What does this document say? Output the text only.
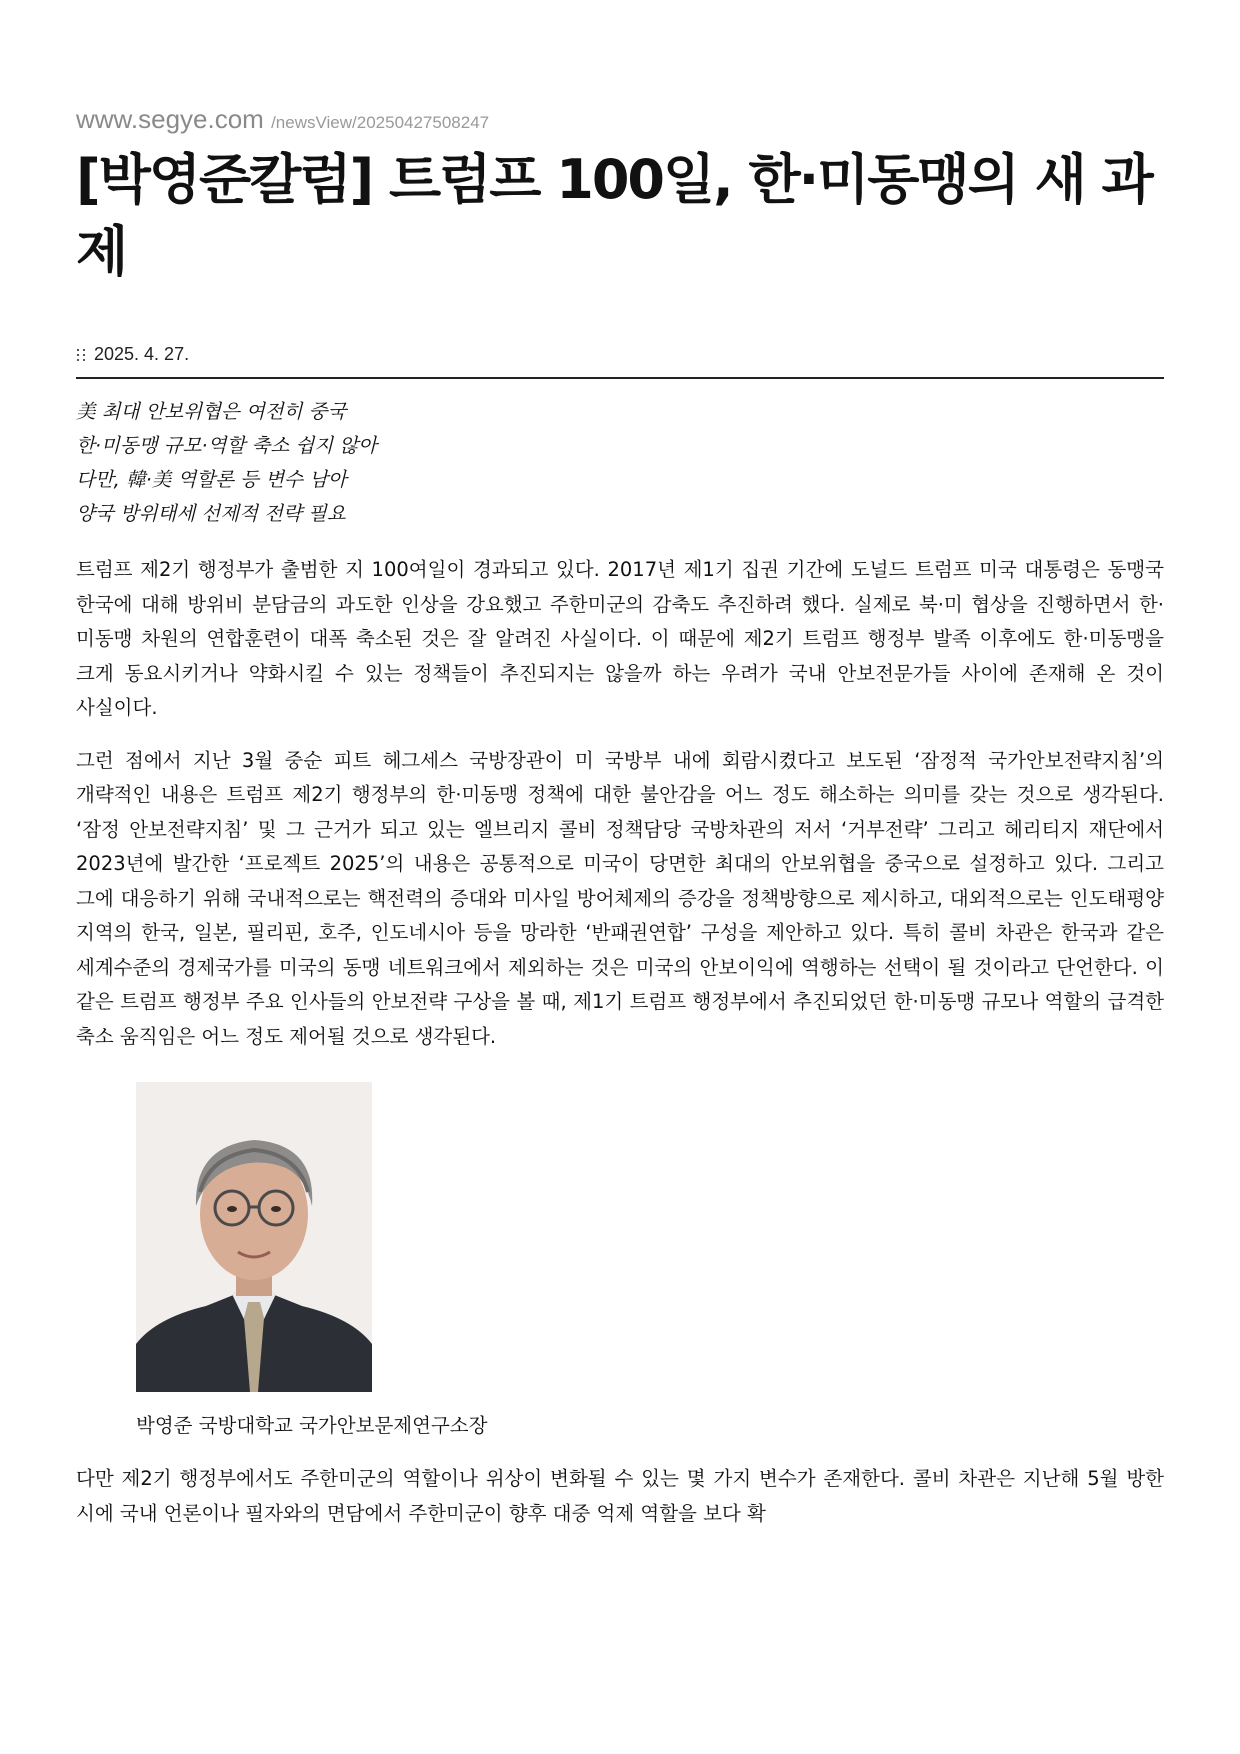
www.segye.com /newsView/20250427508247
[박영준칼럼] 트럼프 100일, 한·미동맹의 새 과제
2025. 4. 27.
美 최대 안보위협은 여전히 중국
한·미동맹 규모·역할 축소 쉽지 않아
다만, 韓·美 역할론 등 변수 남아
양국 방위태세 선제적 전략 필요

트럼프 제2기 행정부가 출범한 지 100여일이 경과되고 있다. 2017년 제1기 집권 기간에 도널드 트럼프 미국 대통령은 동맹국 한국에 대해 방위비 분담금의 과도한 인상을 강요했고 주한미군의 감축도 추진하려 했다. 실제로 북·미 협상을 진행하면서 한·미동맹 차원의 연합훈련이 대폭 축소된 것은 잘 알려진 사실이다. 이 때문에 제2기 트럼프 행정부 발족 이후에도 한·미동맹을 크게 동요시키거나 약화시킬 수 있는 정책들이 추진되지는 않을까 하는 우려가 국내 안보전문가들 사이에 존재해 온 것이 사실이다.

그런 점에서 지난 3월 중순 피트 헤그세스 국방장관이 미 국방부 내에 회람시켰다고 보도된 ‘잠정적 국가안보전략지침’의 개략적인 내용은 트럼프 제2기 행정부의 한·미동맹 정책에 대한 불안감을 어느 정도 해소하는 의미를 갖는 것으로 생각된다. ‘잠정 안보전략지침’ 및 그 근거가 되고 있는 엘브리지 콜비 정책담당 국방차관의 저서 ‘거부전략’ 그리고 헤리티지 재단에서 2023년에 발간한 ‘프로젝트 2025’의 내용은 공통적으로 미국이 당면한 최대의 안보위협을 중국으로 설정하고 있다. 그리고 그에 대응하기 위해 국내적으로는 핵전력의 증대와 미사일 방어체제의 증강을 정책방향으로 제시하고, 대외적으로는 인도태평양 지역의 한국, 일본, 필리핀, 호주, 인도네시아 등을 망라한 ‘반패권연합’ 구성을 제안하고 있다. 특히 콜비 차관은 한국과 같은 세계수준의 경제국가를 미국의 동맹 네트워크에서 제외하는 것은 미국의 안보이익에 역행하는 선택이 될 것이라고 단언한다. 이 같은 트럼프 행정부 주요 인사들의 안보전략 구상을 볼 때, 제1기 트럼프 행정부에서 추진되었던 한·미동맹 규모나 역할의 급격한 축소 움직임은 어느 정도 제어될 것으로 생각된다.

박영준 국방대학교 국가안보문제연구소장

다만 제2기 행정부에서도 주한미군의 역할이나 위상이 변화될 수 있는 몇 가지 변수가 존재한다. 콜비 차관은 지난해 5월 방한 시에 국내 언론이나 필자와의 면담에서 주한미군이 향후 대중 억제 역할을 보다 확
